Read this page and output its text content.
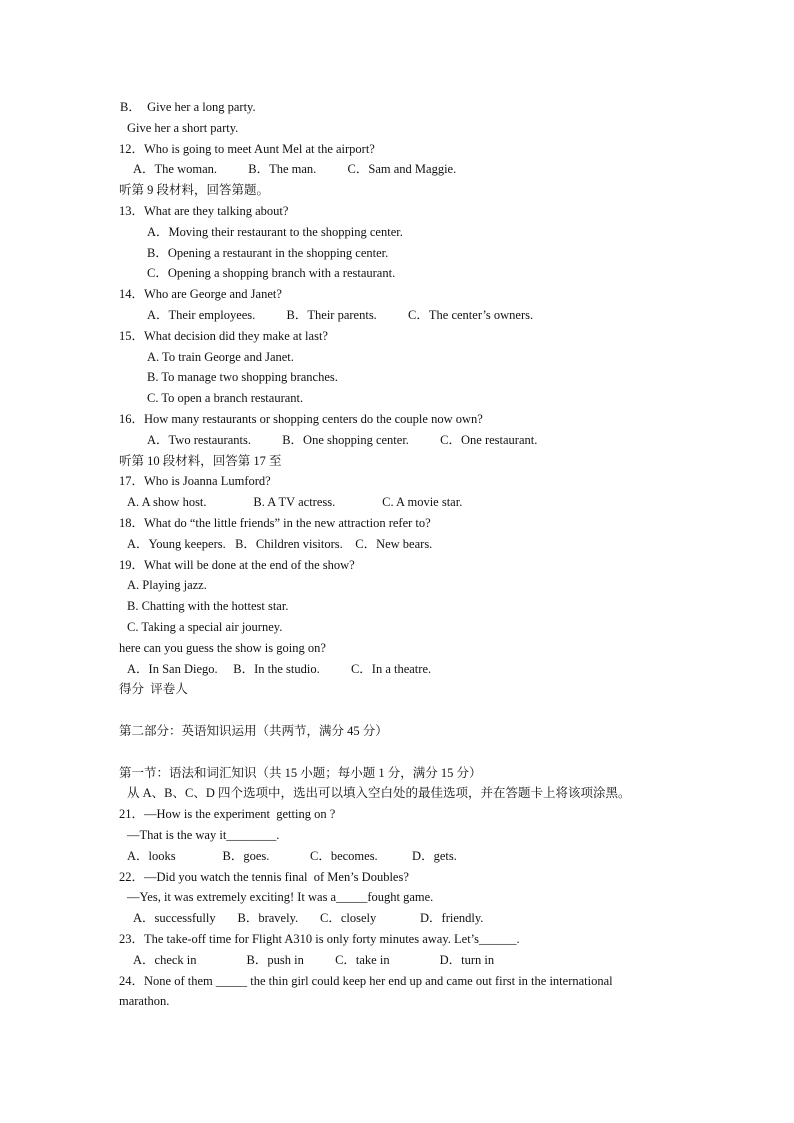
B．  Give her a long party.
Give her a short party.
12．Who is going to meet Aunt Mel at the airport?
A．The woman.          B．The man.          C．Sam and Maggie.
听第 9 段材料，回答第题。
13．What are they talking about?
A．Moving their restaurant to the shopping center.
B．Opening a restaurant in the shopping center.
C．Opening a shopping branch with a restaurant.
14．Who are George and Janet?
A．Their employees.          B．Their parents.          C．The center’s owners.
15．What decision did they make at last?
A. To train George and Janet.
B. To manage two shopping branches.
C. To open a branch restaurant.
16．How many restaurants or shopping centers do the couple now own?
A．Two restaurants.          B．One shopping center.          C．One restaurant.
听第 10 段材料，回答第 17 至
17．Who is Joanna Lumford?
A. A show host.               B. A TV actress.               C. A movie star.
18．What do “the little friends” in the new attraction refer to?
A．Young keepers.   B．Children visitors.    C．New bears.
19．What will be done at the end of the show?
A. Playing jazz.
B. Chatting with the hottest star.
C. Taking a special air journey.
here can you guess the show is going on?
A．In San Diego.     B．In the studio.          C．In a theatre.
得分  评卷人
第二部分：英语知识运用（共两节，满分 45 分）
第一节：语法和词汇知识（共 15 小题；每小题 1 分，满分 15 分）
从 A、B、C、D 四个选项中，选出可以填入空白处的最佳选项，并在答题卡上将该项涂黑。
21．—How is the experiment  getting on ?
—That is the way it________.
A．looks               B．goes.             C．becomes.           D．gets.
22．—Did you watch the tennis final  of Men’s Doubles?
—Yes, it was extremely exciting! It was a_____fought game.
A．successfully       B．bravely.       C．closely              D．friendly.
23．The take-off time for Flight A310 is only forty minutes away. Let’s______.
A．check in                B．push in          C．take in                D．turn in
24．None of them _____ the thin girl could keep her end up and came out first in the international
marathon.
